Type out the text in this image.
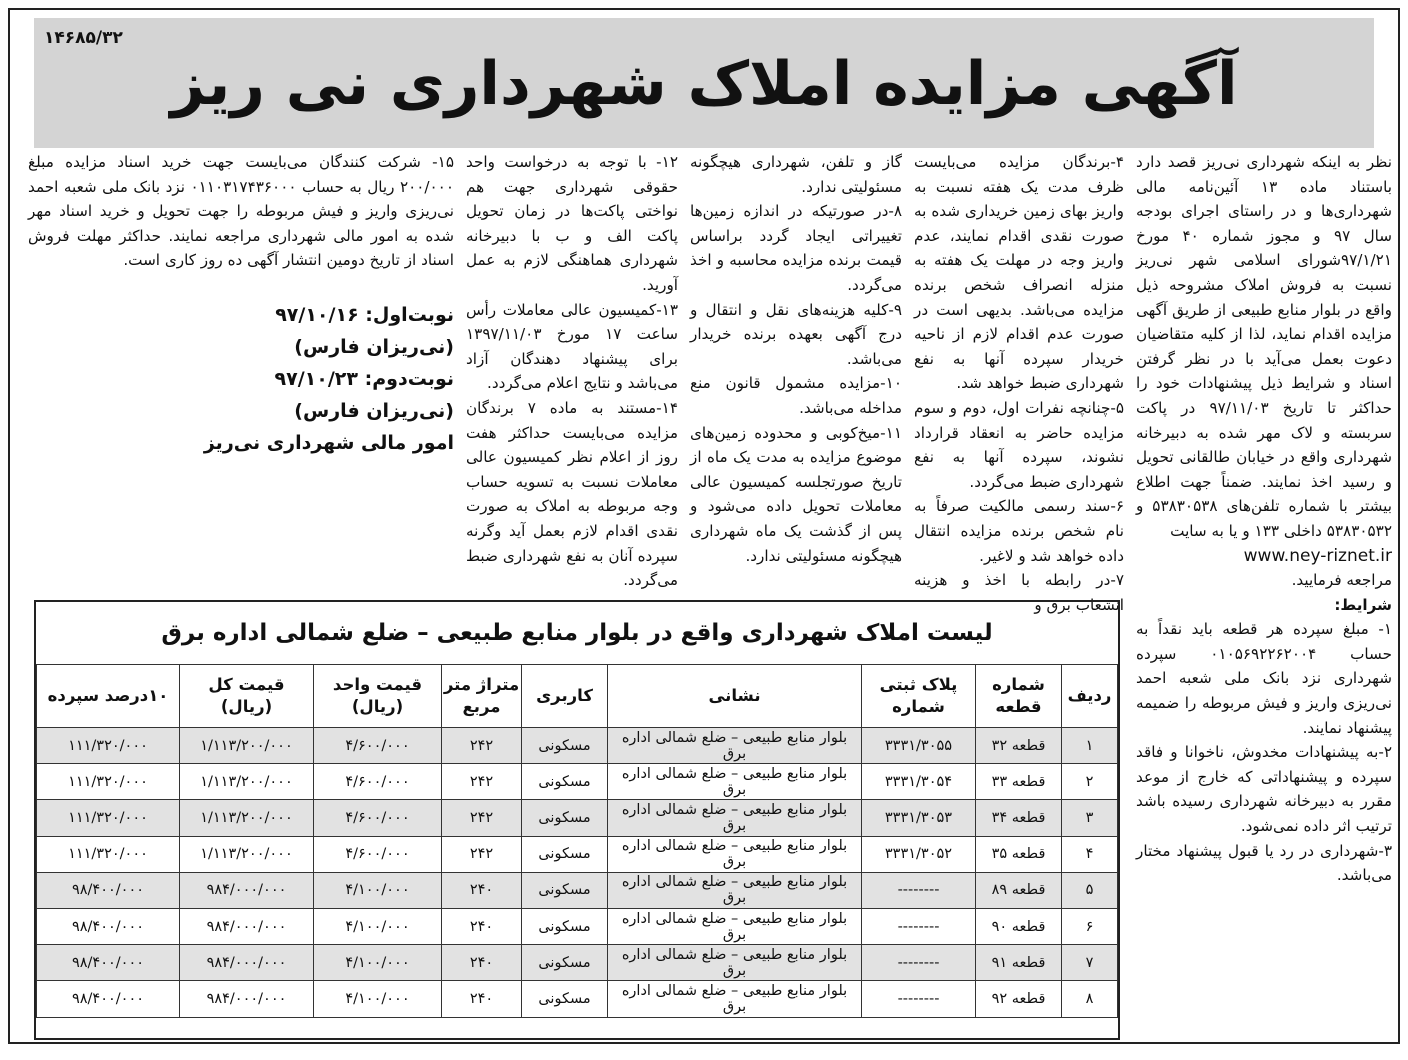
۱۴۶۸۵/۳۲
آگهی مزایده املاک شهرداری نی ریز

نظر به اینکه شهرداری نی‌ریز قصد دارد باستناد ماده ۱۳ آئین‌نامه مالی شهرداری‌ها و در راستای اجرای بودجه سال ۹۷ و مجوز شماره ۴۰ مورخ ۹۷/۱/۲۱شورای اسلامی شهر نی‌ریز نسبت به فروش املاک مشروحه ذیل واقع در بلوار منابع طبیعی از طریق آگهی مزایده اقدام نماید، لذا از کلیه متقاضیان دعوت بعمل می‌آید با در نظر گرفتن اسناد و شرایط ذیل پیشنهادات خود را حداکثر تا تاریخ ۹۷/۱۱/۰۳ در پاکت سربسته و لاک مهر شده به دبیرخانه شهرداری واقع در خیابان طالقانی تحویل و رسید اخذ نمایند. ضمناً جهت اطلاع بیشتر با شماره تلفن‌های ۵۳۸۳۰۵۳۸ و ۵۳۸۳۰۵۳۲ داخلی ۱۳۳ و یا به سایت

www.ney-riznet.ir

مراجعه فرمایید.

شرایط:

۱- مبلغ سپرده هر قطعه باید نقداً به حساب ۰۱۰۵۶۹۲۲۶۲۰۰۴ سپرده شهرداری نزد بانک ملی شعبه احمد نی‌ریزی واریز و فیش مربوطه را ضمیمه پیشنهاد نمایند.

۲-به پیشنهادات مخدوش، ناخوانا و فاقد سپرده و پیشنهاداتی که خارج از موعد مقرر به دبیرخانه شهرداری رسیده باشد ترتیب اثر داده نمی‌شود.

۳-شهرداری در رد یا قبول پیشنهاد مختار می‌باشد.

۴-برندگان مزایده می‌بایست ظرف مدت یک هفته نسبت به واریز بهای زمین خریداری شده به صورت نقدی اقدام نمایند، عدم واریز وجه در مهلت یک هفته به منزله انصراف شخص برنده مزایده می‌باشد. بدیهی است در صورت عدم اقدام لازم از ناحیه خریدار سپرده آنها به نفع شهرداری ضبط خواهد شد.

۵-چنانچه نفرات اول، دوم و سوم مزایده حاضر به انعقاد قرارداد نشوند، سپرده آنها به نفع شهرداری ضبط می‌گردد.

۶-سند رسمی مالکیت صرفاً به نام شخص برنده مزایده انتقال داده خواهد شد و لاغیر.

۷-در رابطه با اخذ و هزینه انشعاب برق و

گاز و تلفن، شهرداری هیچگونه مسئولیتی ندارد.

۸-در صورتیکه در اندازه زمین‌ها تغییراتی ایجاد گردد براساس قیمت برنده مزایده محاسبه و اخذ می‌گردد.

۹-کلیه هزینه‌های نقل و انتقال و درج آگهی بعهده برنده خریدار می‌باشد.

۱۰-مزایده مشمول قانون منع مداخله می‌باشد.

۱۱-میخ‌کوبی و محدوده زمین‌های موضوع مزایده به مدت یک ماه از تاریخ صورتجلسه کمیسیون عالی معاملات تحویل داده می‌شود و پس از گذشت یک ماه شهرداری هیچگونه مسئولیتی ندارد.

۱۲- با توجه به درخواست واحد حقوقی شهرداری جهت هم نواختی پاکت‌ها در زمان تحویل پاکت الف و ب با دبیرخانه شهرداری هماهنگی لازم به عمل آورید.

۱۳-کمیسیون عالی معاملات رأس ساعت ۱۷ مورخ ۱۳۹۷/۱۱/۰۳ برای پیشنهاد دهندگان آزاد می‌باشد و نتایج اعلام می‌گردد.

۱۴-مستند به ماده ۷ برندگان مزایده می‌بایست حداکثر هفت روز از اعلام نظر کمیسیون عالی معاملات نسبت به تسویه حساب وجه مربوطه به املاک به صورت نقدی اقدام لازم بعمل آید وگرنه سپرده آنان به نفع شهرداری ضبط می‌گردد.

۱۵- شرکت کنندگان می‌بایست جهت خرید اسناد مزایده مبلغ ۲۰۰/۰۰۰ ریال به حساب ۰۱۱۰۳۱۷۴۳۶۰۰۰ نزد بانک ملی شعبه احمد نی‌ریزی واریز و فیش مربوطه را جهت تحویل و خرید اسناد مهر شده به امور مالی شهرداری مراجعه نمایند. حداکثر مهلت فروش اسناد از تاریخ دومین انتشار آگهی ده روز کاری است.

نوبت‌اول: ۹۷/۱۰/۱۶
(نی‌ریزان فارس)
نوبت‌دوم: ۹۷/۱۰/۲۳
(نی‌ریزان فارس)
امور مالی شهرداری نی‌ریز
لیست املاک شهرداری واقع در بلوار منابع طبیعی – ضلع شمالی اداره برق
ردیف	شماره قطعه	پلاک ثبتی شماره	نشانی	کاربری	متراژ متر مربع	قیمت واحد (ریال)	قیمت کل (ریال)	۱۰درصد سپرده
۱	قطعه ۳۲	۳۳۳۱/۳۰۵۵	بلوار منابع طبیعی – ضلع شمالی اداره برق	مسکونی	۲۴۲	۴/۶۰۰/۰۰۰	۱/۱۱۳/۲۰۰/۰۰۰	۱۱۱/۳۲۰/۰۰۰
۲	قطعه ۳۳	۳۳۳۱/۳۰۵۴	بلوار منابع طبیعی – ضلع شمالی اداره برق	مسکونی	۲۴۲	۴/۶۰۰/۰۰۰	۱/۱۱۳/۲۰۰/۰۰۰	۱۱۱/۳۲۰/۰۰۰
۳	قطعه ۳۴	۳۳۳۱/۳۰۵۳	بلوار منابع طبیعی – ضلع شمالی اداره برق	مسکونی	۲۴۲	۴/۶۰۰/۰۰۰	۱/۱۱۳/۲۰۰/۰۰۰	۱۱۱/۳۲۰/۰۰۰
۴	قطعه ۳۵	۳۳۳۱/۳۰۵۲	بلوار منابع طبیعی – ضلع شمالی اداره برق	مسکونی	۲۴۲	۴/۶۰۰/۰۰۰	۱/۱۱۳/۲۰۰/۰۰۰	۱۱۱/۳۲۰/۰۰۰
۵	قطعه ۸۹	--------	بلوار منابع طبیعی – ضلع شمالی اداره برق	مسکونی	۲۴۰	۴/۱۰۰/۰۰۰	۹۸۴/۰۰۰/۰۰۰	۹۸/۴۰۰/۰۰۰
۶	قطعه ۹۰	--------	بلوار منابع طبیعی – ضلع شمالی اداره برق	مسکونی	۲۴۰	۴/۱۰۰/۰۰۰	۹۸۴/۰۰۰/۰۰۰	۹۸/۴۰۰/۰۰۰
۷	قطعه ۹۱	--------	بلوار منابع طبیعی – ضلع شمالی اداره برق	مسکونی	۲۴۰	۴/۱۰۰/۰۰۰	۹۸۴/۰۰۰/۰۰۰	۹۸/۴۰۰/۰۰۰
۸	قطعه ۹۲	--------	بلوار منابع طبیعی – ضلع شمالی اداره برق	مسکونی	۲۴۰	۴/۱۰۰/۰۰۰	۹۸۴/۰۰۰/۰۰۰	۹۸/۴۰۰/۰۰۰
